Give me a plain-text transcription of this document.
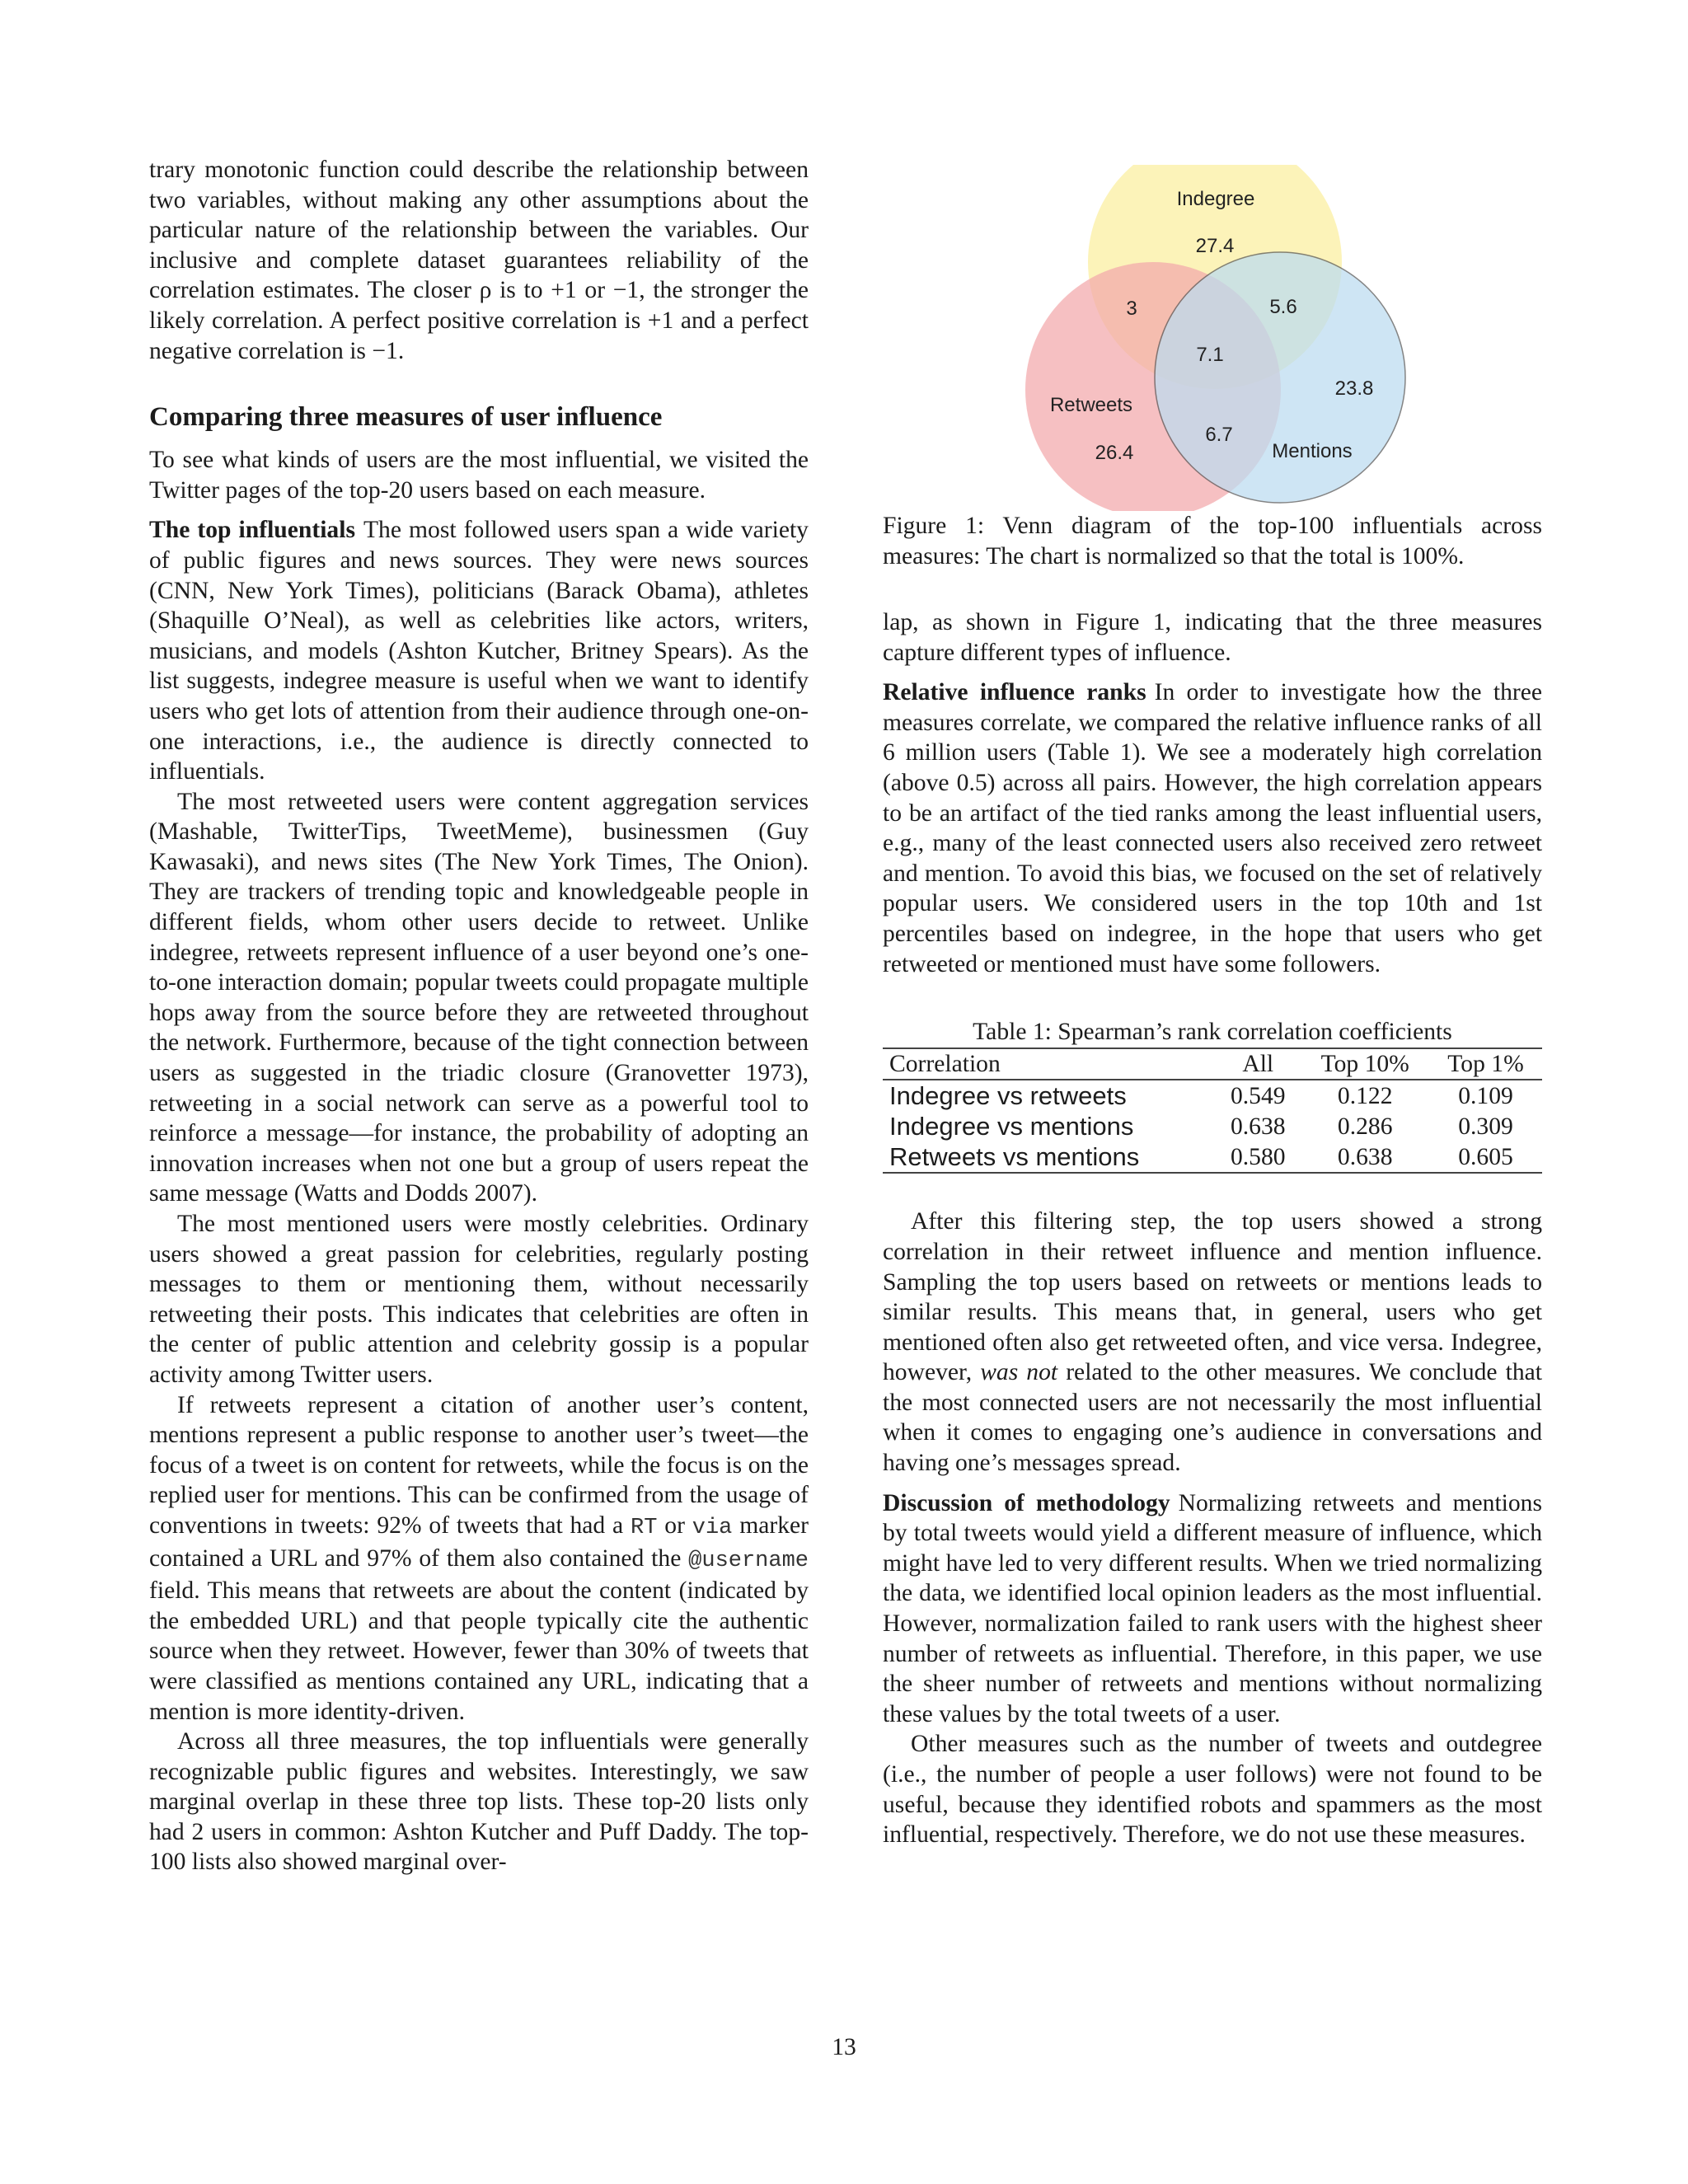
trary monotonic function could describe the relationship between two variables, without making any other assumptions about the particular nature of the relationship between the variables. Our inclusive and complete dataset guarantees reliability of the correlation estimates. The closer ρ is to +1 or −1, the stronger the likely correlation. A perfect positive correlation is +1 and a perfect negative correlation is −1.

Comparing three measures of user influence

To see what kinds of users are the most influential, we visited the Twitter pages of the top-20 users based on each measure.

The top influentials The most followed users span a wide variety of public figures and news sources. They were news sources (CNN, New York Times), politicians (Barack Obama), athletes (Shaquille O’Neal), as well as celebrities like actors, writers, musicians, and models (Ashton Kutcher, Britney Spears). As the list suggests, indegree measure is useful when we want to identify users who get lots of attention from their audience through one-on-one interactions, i.e., the audience is directly connected to influentials.

The most retweeted users were content aggregation services (Mashable, TwitterTips, TweetMeme), businessmen (Guy Kawasaki), and news sites (The New York Times, The Onion). They are trackers of trending topic and knowledgeable people in different fields, whom other users decide to retweet. Unlike indegree, retweets represent influence of a user beyond one’s one-to-one interaction domain; popular tweets could propagate multiple hops away from the source before they are retweeted throughout the network. Furthermore, because of the tight connection between users as suggested in the triadic closure (Granovetter 1973), retweeting in a social network can serve as a powerful tool to reinforce a message—for instance, the probability of adopting an innovation increases when not one but a group of users repeat the same message (Watts and Dodds 2007).

The most mentioned users were mostly celebrities. Ordinary users showed a great passion for celebrities, regularly posting messages to them or mentioning them, without necessarily retweeting their posts. This indicates that celebrities are often in the center of public attention and celebrity gossip is a popular activity among Twitter users.

If retweets represent a citation of another user’s content, mentions represent a public response to another user’s tweet—the focus of a tweet is on content for retweets, while the focus is on the replied user for mentions. This can be confirmed from the usage of conventions in tweets: 92% of tweets that had a RT or via marker contained a URL and 97% of them also contained the @username field. This means that retweets are about the content (indicated by the embedded URL) and that people typically cite the authentic source when they retweet. However, fewer than 30% of tweets that were classified as mentions contained any URL, indicating that a mention is more identity-driven.

Across all three measures, the top influentials were generally recognizable public figures and websites. Interestingly, we saw marginal overlap in these three top lists. These top-20 lists only had 2 users in common: Ashton Kutcher and Puff Daddy. The top-100 lists also showed marginal over-

Indegree
27.4
3	5.6
7.1
23.8
Retweets
6.7
26.4	Mentions
Figure 1: Venn diagram of the top-100 influentials across measures: The chart is normalized so that the total is 100%.

lap, as shown in Figure 1, indicating that the three measures capture different types of influence.

Relative influence ranks In order to investigate how the three measures correlate, we compared the relative influence ranks of all 6 million users (Table 1). We see a moderately high correlation (above 0.5) across all pairs. However, the high correlation appears to be an artifact of the tied ranks among the least influential users, e.g., many of the least connected users also received zero retweet and mention. To avoid this bias, we focused on the set of relatively popular users. We considered users in the top 10th and 1st percentiles based on indegree, in the hope that users who get retweeted or mentioned must have some followers.

Table 1: Spearman’s rank correlation coefficients
Correlation	All	Top 10%	Top 1%
Indegree vs retweets	0.549	0.122	0.109
Indegree vs mentions	0.638	0.286	0.309
Retweets vs mentions	0.580	0.638	0.605

After this filtering step, the top users showed a strong correlation in their retweet influence and mention influence. Sampling the top users based on retweets or mentions leads to similar results. This means that, in general, users who get mentioned often also get retweeted often, and vice versa. Indegree, however, was not related to the other measures. We conclude that the most connected users are not necessarily the most influential when it comes to engaging one’s audience in conversations and having one’s messages spread.

Discussion of methodology Normalizing retweets and mentions by total tweets would yield a different measure of influence, which might have led to very different results. When we tried normalizing the data, we identified local opinion leaders as the most influential. However, normalization failed to rank users with the highest sheer number of retweets as influential. Therefore, in this paper, we use the sheer number of retweets and mentions without normalizing these values by the total tweets of a user.

Other measures such as the number of tweets and outdegree (i.e., the number of people a user follows) were not found to be useful, because they identified robots and spammers as the most influential, respectively. Therefore, we do not use these measures.

13
